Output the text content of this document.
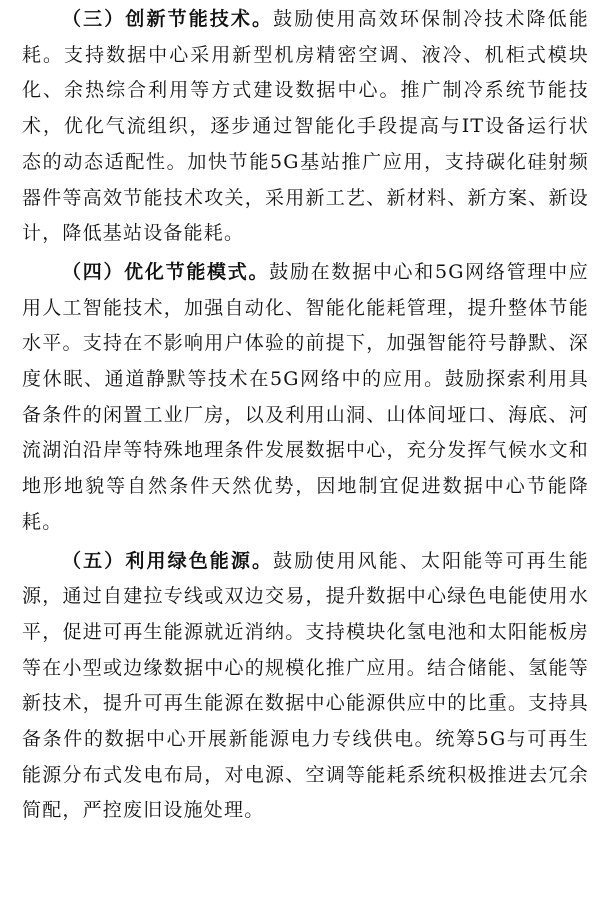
（三）创新节能技术。鼓励使用高效环保制冷技术降低能耗。支持数据中心采用新型机房精密空调、液冷、机柜式模块化、余热综合利用等方式建设数据中心。推广制冷系统节能技术，优化气流组织，逐步通过智能化手段提高与IT设备运行状态的动态适配性。加快节能5G基站推广应用，支持碳化硅射频器件等高效节能技术攻关，采用新工艺、新材料、新方案、新设计，降低基站设备能耗。

（四）优化节能模式。鼓励在数据中心和5G网络管理中应用人工智能技术，加强自动化、智能化能耗管理，提升整体节能水平。支持在不影响用户体验的前提下，加强智能符号静默、深度休眠、通道静默等技术在5G网络中的应用。鼓励探索利用具备条件的闲置工业厂房，以及利用山洞、山体间垭口、海底、河流湖泊沿岸等特殊地理条件发展数据中心，充分发挥气候水文和地形地貌等自然条件天然优势，因地制宜促进数据中心节能降耗。

（五）利用绿色能源。鼓励使用风能、太阳能等可再生能源，通过自建拉专线或双边交易，提升数据中心绿色电能使用水平，促进可再生能源就近消纳。支持模块化氢电池和太阳能板房等在小型或边缘数据中心的规模化推广应用。结合储能、氢能等新技术，提升可再生能源在数据中心能源供应中的比重。支持具备条件的数据中心开展新能源电力专线供电。统筹5G与可再生能源分布式发电布局，对电源、空调等能耗系统积极推进去冗余简配，严控废旧设施处理。
